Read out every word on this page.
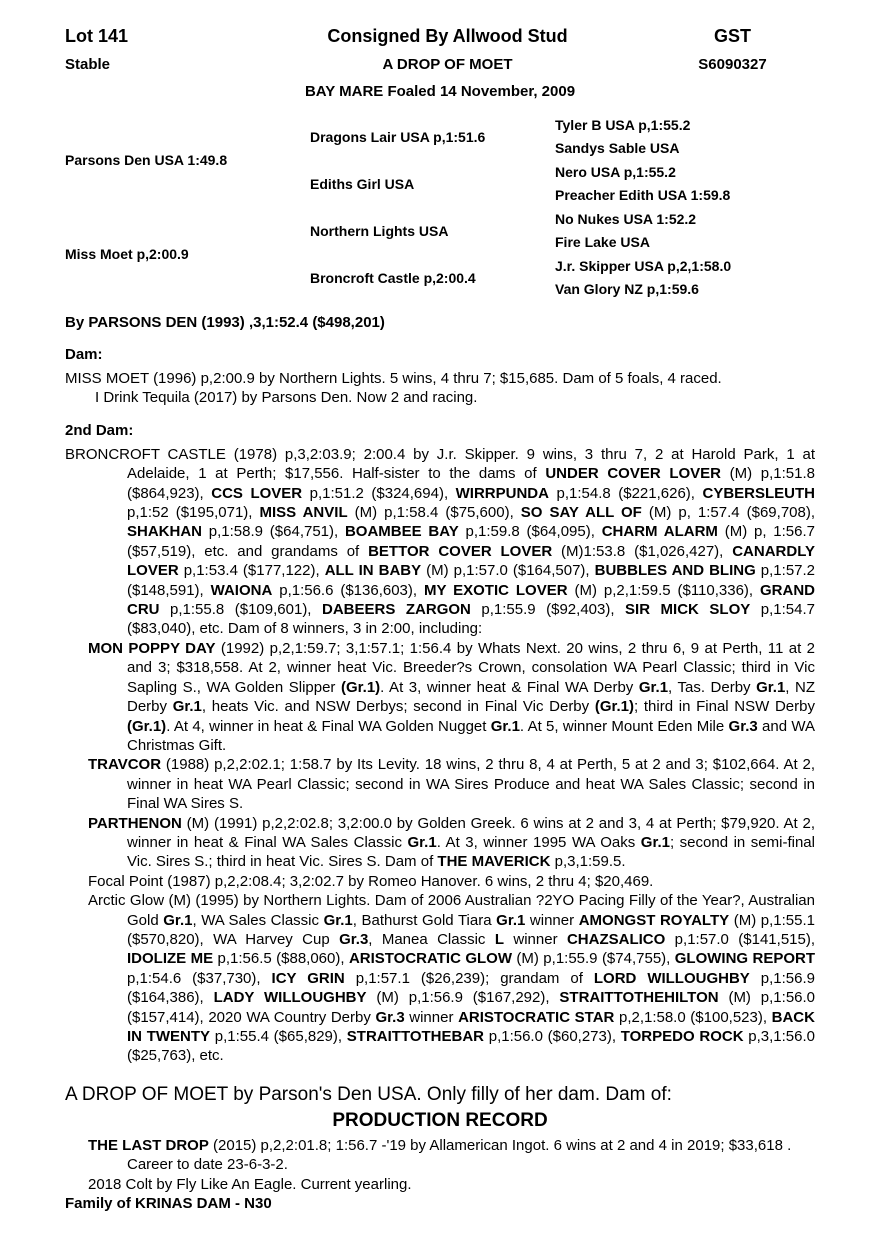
Lot 141
Stable
Consigned By Allwood Stud
A DROP OF MOET
GST
S6090327
BAY MARE Foaled 14 November, 2009
Parsons Den USA 1:49.8
Miss Moet p,2:00.9
Dragons Lair USA p,1:51.6
Ediths Girl USA
Northern Lights USA
Broncroft Castle p,2:00.4
Tyler B USA p,1:55.2
Sandys Sable USA
Nero USA p,1:55.2
Preacher Edith USA 1:59.8
No Nukes USA 1:52.2
Fire Lake USA
J.r. Skipper USA p,2,1:58.0
Van Glory NZ p,1:59.6
By PARSONS DEN (1993) ,3,1:52.4 ($498,201)
Dam:

MISS MOET (1996) p,2:00.9 by Northern Lights. 5 wins, 4 thru 7; $15,685. Dam of 5 foals, 4 raced.

I Drink Tequila (2017) by Parsons Den. Now 2 and racing.

2nd Dam:

BRONCROFT CASTLE (1978) p,3,2:03.9; 2:00.4 by J.r. Skipper. 9 wins, 3 thru 7, 2 at Harold Park, 1 at Adelaide, 1 at Perth; $17,556. Half-sister to the dams of UNDER COVER LOVER (M) p,1:51.8 ($864,923), CCS LOVER p,1:51.2 ($324,694), WIRRPUNDA p,1:54.8 ($221,626), CYBERSLEUTH p,1:52 ($195,071), MISS ANVIL (M) p,1:58.4 ($75,600), SO SAY ALL OF (M) p, 1:57.4 ($69,708), SHAKHAN p,1:58.9 ($64,751), BOAMBEE BAY p,1:59.8 ($64,095), CHARM ALARM (M) p, 1:56.7 ($57,519), etc. and grandams of BETTOR COVER LOVER (M)1:53.8 ($1,026,427), CANARDLY LOVER p,1:53.4 ($177,122), ALL IN BABY (M) p,1:57.0 ($164,507), BUBBLES AND BLING p,1:57.2 ($148,591), WAIONA p,1:56.6 ($136,603), MY EXOTIC LOVER (M) p,2,1:59.5 ($110,336), GRAND CRU p,1:55.8 ($109,601), DABEERS ZARGON p,1:55.9 ($92,403), SIR MICK SLOY p,1:54.7 ($83,040), etc. Dam of 8 winners, 3 in 2:00, including:

MON POPPY DAY (1992) p,2,1:59.7; 3,1:57.1; 1:56.4 by Whats Next. 20 wins, 2 thru 6, 9 at Perth, 11 at 2 and 3; $318,558. At 2, winner heat Vic. Breeder?s Crown, consolation WA Pearl Classic; third in Vic Sapling S., WA Golden Slipper (Gr.1). At 3, winner heat & Final WA Derby Gr.1, Tas. Derby Gr.1, NZ Derby Gr.1, heats Vic. and NSW Derbys; second in Final Vic Derby (Gr.1); third in Final NSW Derby (Gr.1). At 4, winner in heat & Final WA Golden Nugget Gr.1. At 5, winner Mount Eden Mile Gr.3 and WA Christmas Gift.

TRAVCOR (1988) p,2,2:02.1; 1:58.7 by Its Levity. 18 wins, 2 thru 8, 4 at Perth, 5 at 2 and 3; $102,664. At 2, winner in heat WA Pearl Classic; second in WA Sires Produce and heat WA Sales Classic; second in Final WA Sires S.

PARTHENON (M) (1991) p,2,2:02.8; 3,2:00.0 by Golden Greek. 6 wins at 2 and 3, 4 at Perth; $79,920. At 2, winner in heat & Final WA Sales Classic Gr.1. At 3, winner 1995 WA Oaks Gr.1; second in semi-final Vic. Sires S.; third in heat Vic. Sires S. Dam of THE MAVERICK p,3,1:59.5.

Focal Point (1987) p,2,2:08.4; 3,2:02.7 by Romeo Hanover. 6 wins, 2 thru 4; $20,469.

Arctic Glow (M) (1995) by Northern Lights. Dam of 2006 Australian ?2YO Pacing Filly of the Year?, Australian Gold Gr.1, WA Sales Classic Gr.1, Bathurst Gold Tiara Gr.1 winner AMONGST ROYALTY (M) p,1:55.1 ($570,820), WA Harvey Cup Gr.3, Manea Classic L winner CHAZSALICO p,1:57.0 ($141,515), IDOLIZE ME p,1:56.5 ($88,060), ARISTOCRATIC GLOW (M) p,1:55.9 ($74,755), GLOWING REPORT p,1:54.6 ($37,730), ICY GRIN p,1:57.1 ($26,239); grandam of LORD WILLOUGHBY p,1:56.9 ($164,386), LADY WILLOUGHBY (M) p,1:56.9 ($167,292), STRAITTOTHEHILTON (M) p,1:56.0 ($157,414), 2020 WA Country Derby Gr.3 winner ARISTOCRATIC STAR p,2,1:58.0 ($100,523), BACK IN TWENTY p,1:55.4 ($65,829), STRAITTOTHEBAR p,1:56.0 ($60,273), TORPEDO ROCK p,3,1:56.0 ($25,763), etc.

A DROP OF MOET by Parson's Den USA. Only filly of her dam. Dam of:
PRODUCTION RECORD

THE LAST DROP (2015) p,2,2:01.8; 1:56.7 -'19 by Allamerican Ingot. 6 wins at 2 and 4 in 2019; $33,618 . Career to date 23-6-3-2.

2018 Colt by Fly Like An Eagle. Current yearling.

Family of KRINAS DAM - N30
